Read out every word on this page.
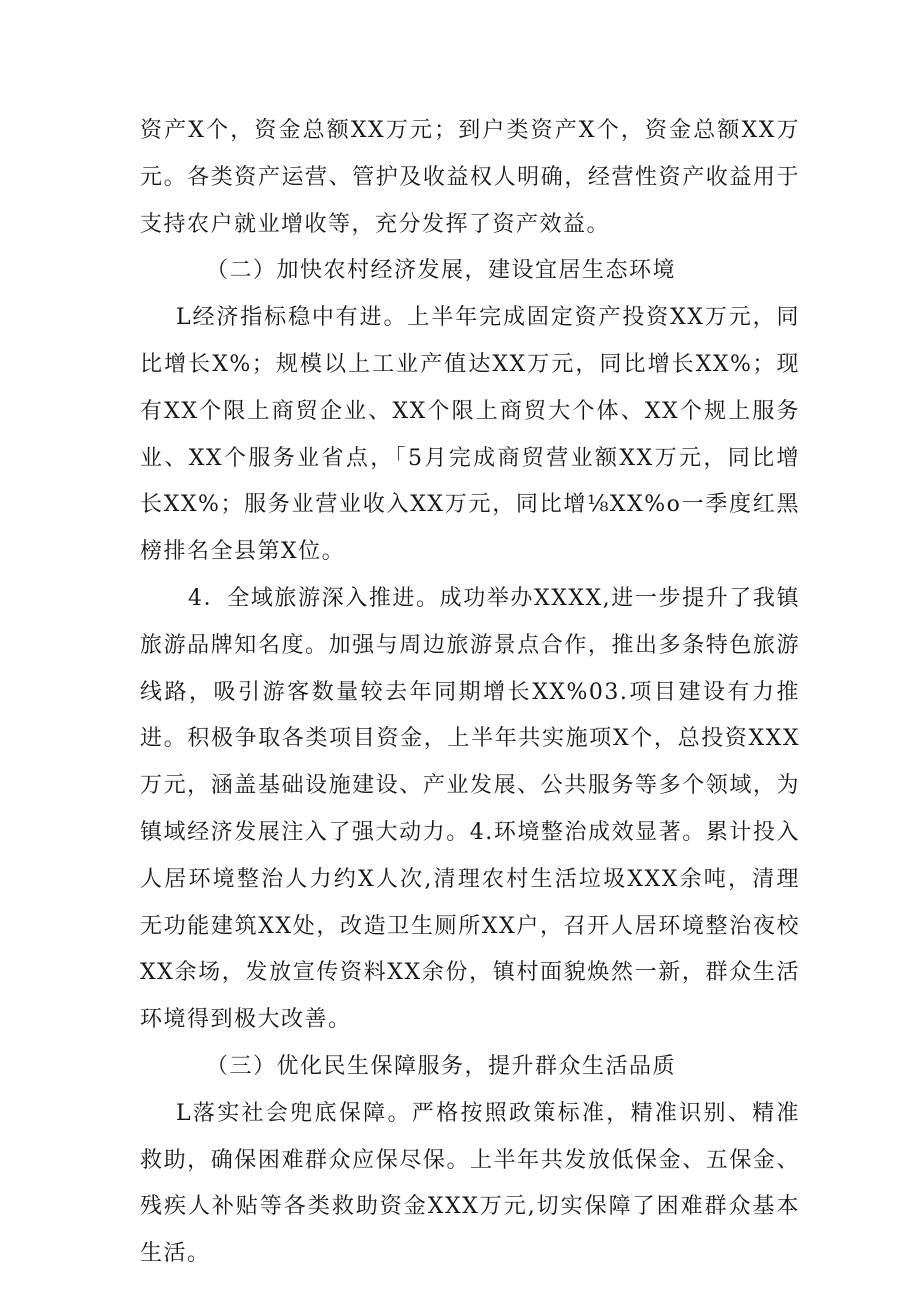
资产X个，资金总额XX万元；到户类资产X个，资金总额XX万元。各类资产运营、管护及收益权人明确，经营性资产收益用于支持农户就业增收等，充分发挥了资产效益。

（二）加快农村经济发展，建设宜居生态环境

L经济指标稳中有进。上半年完成固定资产投资XX万元，同比增长X%；规模以上工业产值达XX万元，同比增长XX%；现有XX个限上商贸企业、XX个限上商贸大个体、XX个规上服务业、XX个服务业省点，「5月完成商贸营业额XX万元，同比增长XX%；服务业营业收入XX万元，同比增⅛XX%o一季度红黑榜排名全县第X位。

4．全域旅游深入推进。成功举办XXXX,进一步提升了我镇旅游品牌知名度。加强与周边旅游景点合作，推出多条特色旅游线路，吸引游客数量较去年同期增长XX%03.项目建设有力推进。积极争取各类项目资金，上半年共实施项X个，总投资XXX万元，涵盖基础设施建设、产业发展、公共服务等多个领域，为镇域经济发展注入了强大动力。4.环境整治成效显著。累计投入人居环境整治人力约X人次,清理农村生活垃圾XXX余吨，清理无功能建筑XX处，改造卫生厕所XX户，召开人居环境整治夜校XX余场，发放宣传资料XX余份，镇村面貌焕然一新，群众生活环境得到极大改善。

（三）优化民生保障服务，提升群众生活品质

L落实社会兜底保障。严格按照政策标准，精准识别、精准救助，确保困难群众应保尽保。上半年共发放低保金、五保金、残疾人补贴等各类救助资金XXX万元,切实保障了困难群众基本生活。
